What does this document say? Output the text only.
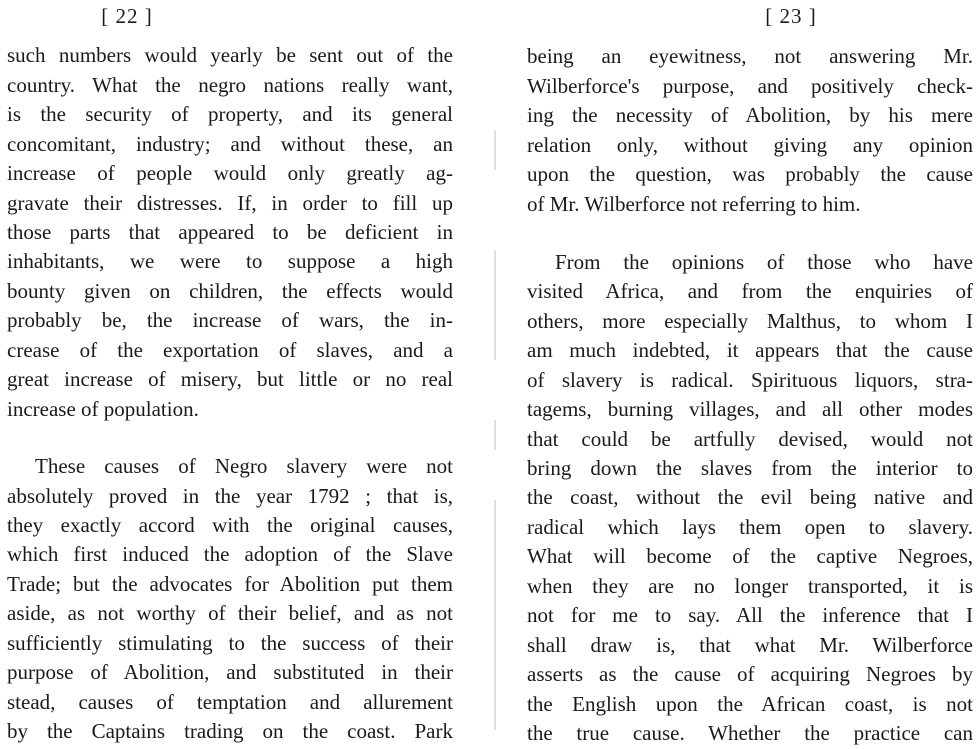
[ 22 ]
such numbers would yearly be sent out of the
country. What the negro nations really want,
is the security of property, and its general
concomitant, industry; and without these, an
increase of people would only greatly ag-
gravate their distresses. If, in order to fill up
those parts that appeared to be deficient in
inhabitants, we were to suppose a high
bounty given on children, the effects would
probably be, the increase of wars, the in-
crease of the exportation of slaves, and a
great increase of misery, but little or no real
increase of population.
These causes of Negro slavery were not
absolutely proved in the year 1792 ; that is,
they exactly accord with the original causes,
which first induced the adoption of the Slave
Trade; but the advocates for Abolition put them
aside, as not worthy of their belief, and as not
sufficiently stimulating to the success of their
purpose of Abolition, and substituted in their
stead, causes of temptation and allurement
by the Captains trading on the coast. Park
[ 23 ]
being an eyewitness, not answering Mr.
Wilberforce's purpose, and positively check-
ing the necessity of Abolition, by his mere
relation only, without giving any opinion
upon the question, was probably the cause
of Mr. Wilberforce not referring to him.
From the opinions of those who have
visited Africa, and from the enquiries of
others, more especially Malthus, to whom I
am much indebted, it appears that the cause
of slavery is radical. Spirituous liquors, stra-
tagems, burning villages, and all other modes
that could be artfully devised, would not
bring down the slaves from the interior to
the coast, without the evil being native and
radical which lays them open to slavery.
What will become of the captive Negroes,
when they are no longer transported, it is
not for me to say. All the inference that I
shall draw is, that what Mr. Wilberforce
asserts as the cause of acquiring Negroes by
the English upon the African coast, is not
the true cause. Whether the practice can
